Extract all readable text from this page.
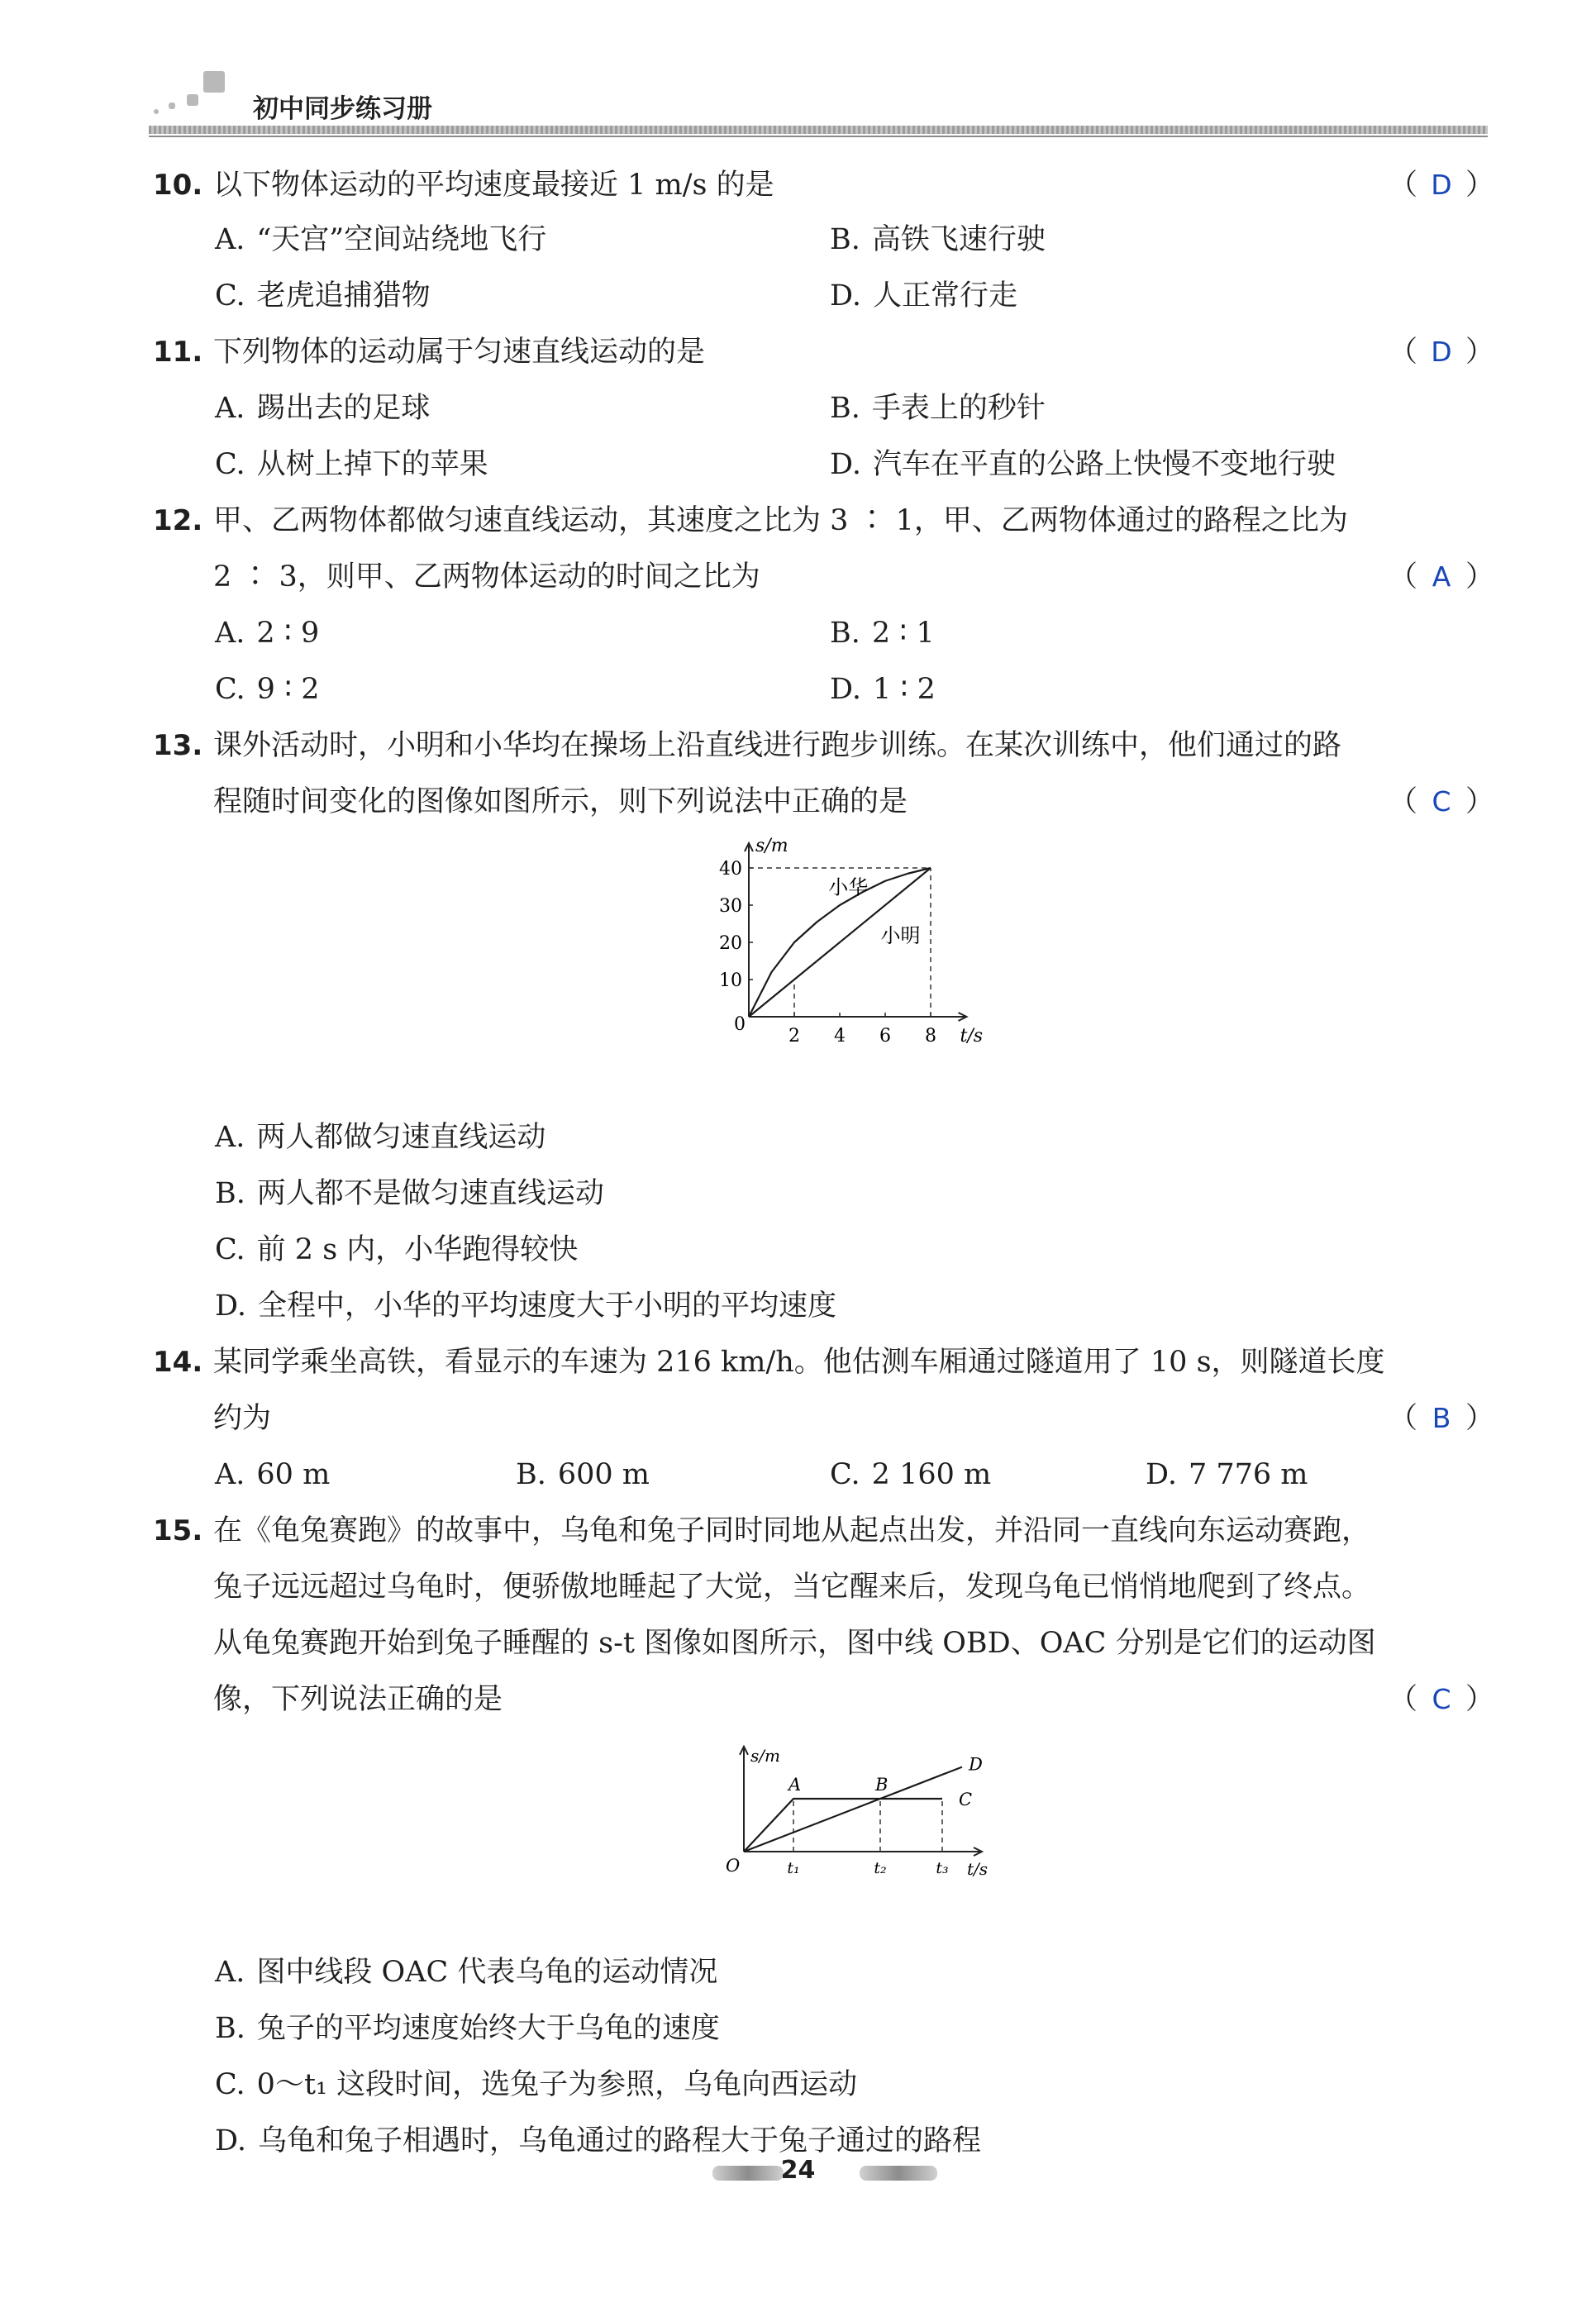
初中同步练习册
10. 以下物体运动的平均速度最接近 1 m/s 的是	（ D ）
A. “天宫”空间站绕地飞行	B. 高铁飞速行驶
C. 老虎追捕猎物	D. 人正常行走
11. 下列物体的运动属于匀速直线运动的是	（ D ）
A. 踢出去的足球	B. 手表上的秒针
C. 从树上掉下的苹果	D. 汽车在平直的公路上快慢不变地行驶
12. 甲、乙两物体都做匀速直线运动，其速度之比为 3 ∶ 1，甲、乙两物体通过的路程之比为
2 ∶ 3，则甲、乙两物体运动的时间之比为	（ A ）
A. 2 ∶ 9	B. 2 ∶ 1
C. 9 ∶ 2	D. 1 ∶ 2
13. 课外活动时，小明和小华均在操场上沿直线进行跑步训练。在某次训练中，他们通过的路
程随时间变化的图像如图所示，则下列说法中正确的是	（ C ）
s/m
t/s
0
2 4 6 8
10
20
30
40
小华
小明
A. 两人都做匀速直线运动
B. 两人都不是做匀速直线运动
C. 前 2 s 内，小华跑得较快
D. 全程中，小华的平均速度大于小明的平均速度
14. 某同学乘坐高铁，看显示的车速为 216 km/h。他估测车厢通过隧道用了 10 s，则隧道长度
约为	（ B ）
A. 60 m	B. 600 m	C. 2 160 m	D. 7 776 m
15. 在《龟兔赛跑》的故事中，乌龟和兔子同时同地从起点出发，并沿同一直线向东运动赛跑，
兔子远远超过乌龟时，便骄傲地睡起了大觉，当它醒来后，发现乌龟已悄悄地爬到了终点。
从龟兔赛跑开始到兔子睡醒的 s-t 图像如图所示，图中线 OBD、OAC 分别是它们的运动图
像，下列说法正确的是	（ C ）
s/m
t/s
O	t₁	t₂	t₃
A	B
C
D
A. 图中线段 OAC 代表乌龟的运动情况
B. 兔子的平均速度始终大于乌龟的速度
C. 0～t₁ 这段时间，选兔子为参照，乌龟向西运动
D. 乌龟和兔子相遇时，乌龟通过的路程大于兔子通过的路程
24
